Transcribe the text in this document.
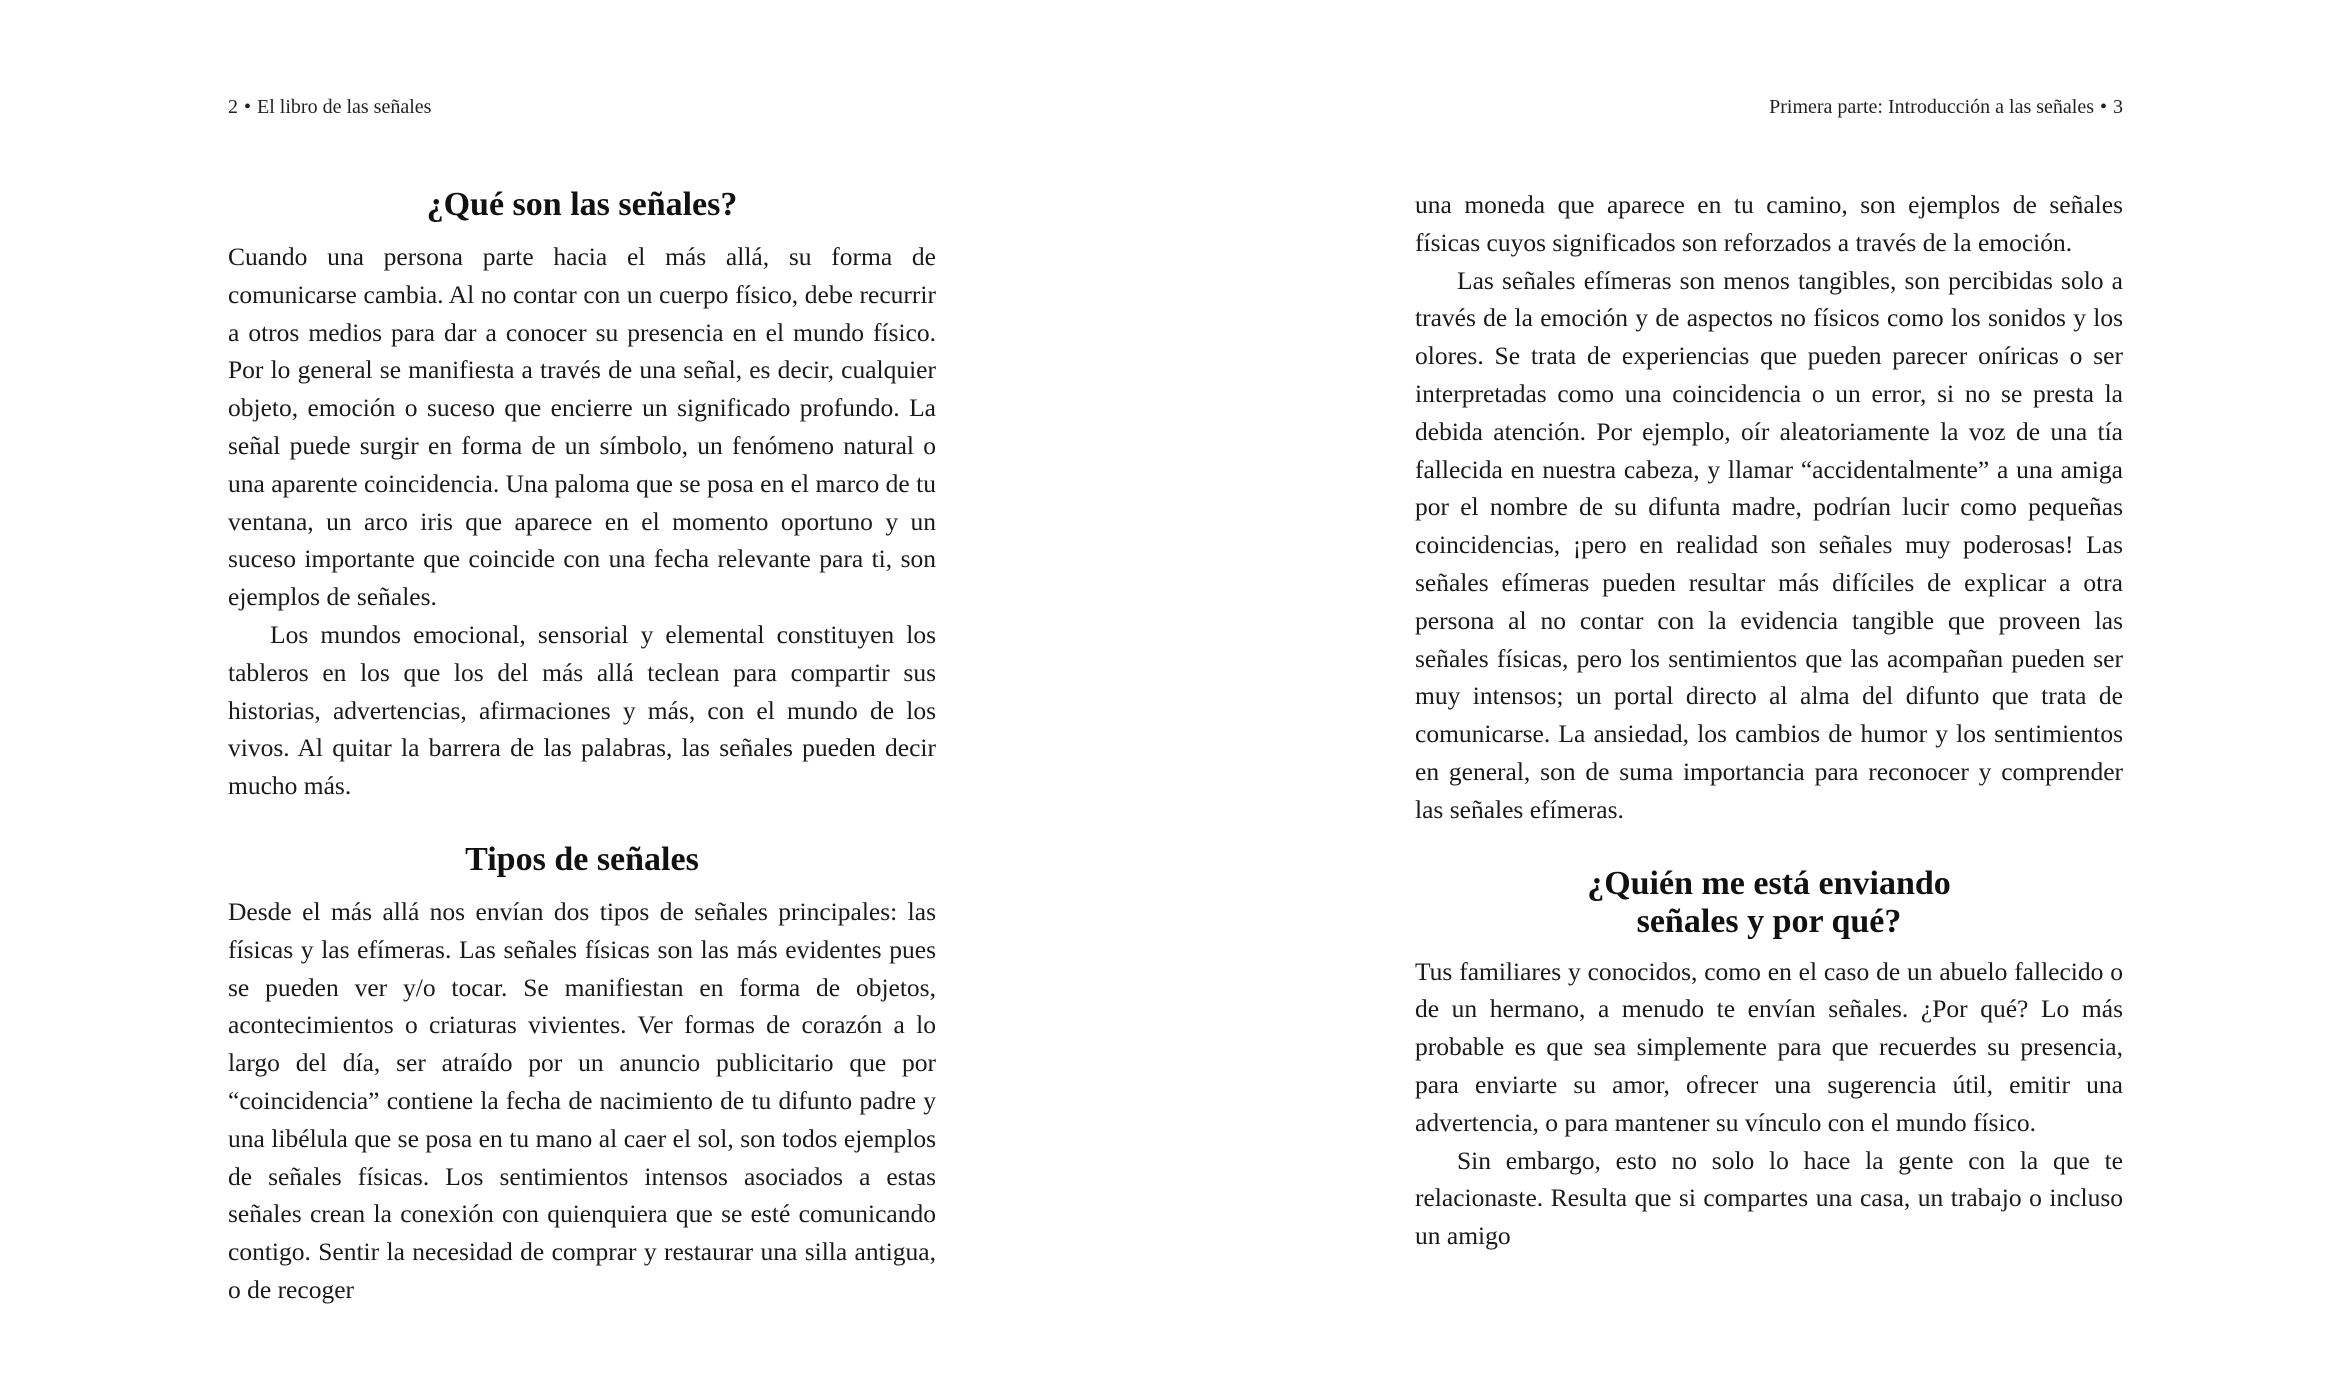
2 • El libro de las señales
¿Qué son las señales?

Cuando una persona parte hacia el más allá, su forma de comunicarse cambia. Al no contar con un cuerpo físico, debe recurrir a otros medios para dar a conocer su presencia en el mundo físico. Por lo general se manifiesta a través de una señal, es decir, cualquier objeto, emoción o suceso que encierre un significado profundo. La señal puede surgir en forma de un símbolo, un fenómeno natural o una aparente coincidencia. Una paloma que se posa en el marco de tu ventana, un arco iris que aparece en el momento oportuno y un suceso importante que coincide con una fecha relevante para ti, son ejemplos de señales.

Los mundos emocional, sensorial y elemental constituyen los tableros en los que los del más allá teclean para compartir sus historias, advertencias, afirmaciones y más, con el mundo de los vivos. Al quitar la barrera de las palabras, las señales pueden decir mucho más.

Tipos de señales

Desde el más allá nos envían dos tipos de señales principales: las físicas y las efímeras. Las señales físicas son las más evidentes pues se pueden ver y/o tocar. Se manifiestan en forma de objetos, acontecimientos o criaturas vivientes. Ver formas de corazón a lo largo del día, ser atraído por un anuncio publicitario que por “coincidencia” contiene la fecha de nacimiento de tu difunto padre y una libélula que se posa en tu mano al caer el sol, son todos ejemplos de señales físicas. Los sentimientos intensos asociados a estas señales crean la conexión con quienquiera que se esté comunicando contigo. Sentir la necesidad de comprar y restaurar una silla antigua, o de recoger

Primera parte: Introducción a las señales • 3

una moneda que aparece en tu camino, son ejemplos de señales físicas cuyos significados son reforzados a través de la emoción.

Las señales efímeras son menos tangibles, son percibidas solo a través de la emoción y de aspectos no físicos como los sonidos y los olores. Se trata de experiencias que pueden parecer oníricas o ser interpretadas como una coincidencia o un error, si no se presta la debida atención. Por ejemplo, oír aleatoriamente la voz de una tía fallecida en nuestra cabeza, y llamar “accidentalmente” a una amiga por el nombre de su difunta madre, podrían lucir como pequeñas coincidencias, ¡pero en realidad son señales muy poderosas! Las señales efímeras pueden resultar más difíciles de explicar a otra persona al no contar con la evidencia tangible que proveen las señales físicas, pero los sentimientos que las acompañan pueden ser muy intensos; un portal directo al alma del difunto que trata de comunicarse. La ansiedad, los cambios de humor y los sentimientos en general, son de suma importancia para reconocer y comprender las señales efímeras.

¿Quién me está enviando
señales y por qué?

Tus familiares y conocidos, como en el caso de un abuelo fallecido o de un hermano, a menudo te envían señales. ¿Por qué? Lo más probable es que sea simplemente para que recuerdes su presencia, para enviarte su amor, ofrecer una sugerencia útil, emitir una advertencia, o para mantener su vínculo con el mundo físico.

Sin embargo, esto no solo lo hace la gente con la que te relacionaste. Resulta que si compartes una casa, un trabajo o incluso un amigo
